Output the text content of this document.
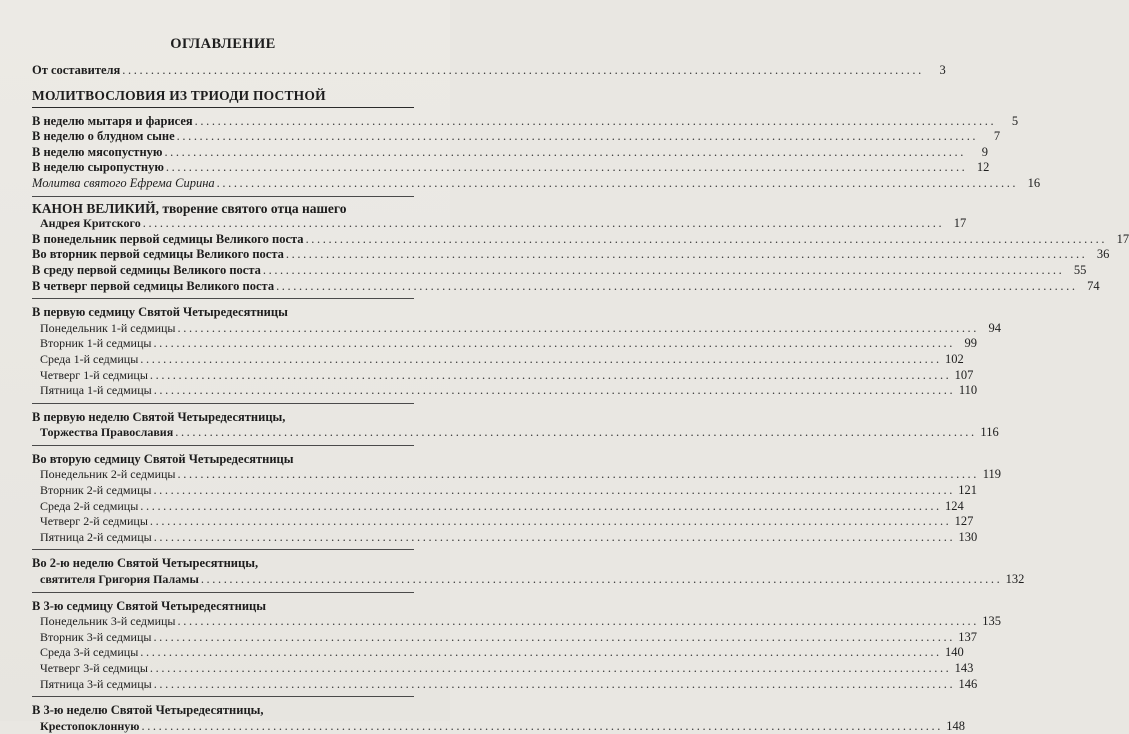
ОГЛАВЛЕНИЕ
От составителя ............................................................................................................................................	3
МОЛИТВОСЛОВИЯ ИЗ ТРИОДИ ПОСТНОЙ
В неделю мытаря и фарисея ............................................................................................................................................	5
В неделю о блудном сыне ............................................................................................................................................	7
В неделю мясопустную ............................................................................................................................................	9
В неделю сыропустную ............................................................................................................................................ 12
Молитва святого Ефрема Сирина ............................................................................................................................................ 16
КАНОН ВЕЛИКИЙ, творение святого отца нашего
Андрея Критского ............................................................................................................................................ 17
В понедельник первой седмицы Великого поста ............................................................................................................................................ 17
Во вторник первой седмицы Великого поста ............................................................................................................................................ 36
В среду первой седмицы Великого поста ............................................................................................................................................ 55
В четверг первой седмицы Великого поста ............................................................................................................................................ 74
В первую седмицу Святой Четыредесятницы
Понедельник 1-й седмицы ............................................................................................................................................ 94
Вторник 1-й седмицы ............................................................................................................................................ 99
Среда 1-й седмицы ............................................................................................................................................ 102
Четверг 1-й седмицы ............................................................................................................................................ 107
Пятница 1-й седмицы ............................................................................................................................................ 110
В первую неделю Святой Четыредесятницы,
Торжества Православия ............................................................................................................................................ 116
Во вторую седмицу Святой Четыредесятницы
Понедельник 2-й седмицы ............................................................................................................................................ 119
Вторник 2-й седмицы ............................................................................................................................................ 121
Среда 2-й седмицы ............................................................................................................................................ 124
Четверг 2-й седмицы ............................................................................................................................................ 127
Пятница 2-й седмицы ............................................................................................................................................ 130
Во 2-ю неделю Святой Четыресятницы,
святителя Григория Паламы ............................................................................................................................................ 132
В 3-ю седмицу Святой Четыредесятницы
Понедельник 3-й седмицы ............................................................................................................................................ 135
Вторник 3-й седмицы ............................................................................................................................................ 137
Среда 3-й седмицы ............................................................................................................................................ 140
Четверг 3-й седмицы ............................................................................................................................................ 143
Пятница 3-й седмицы ............................................................................................................................................ 146
В 3-ю неделю Святой Четыредесятницы,
Крестопоклонную ............................................................................................................................................ 148
